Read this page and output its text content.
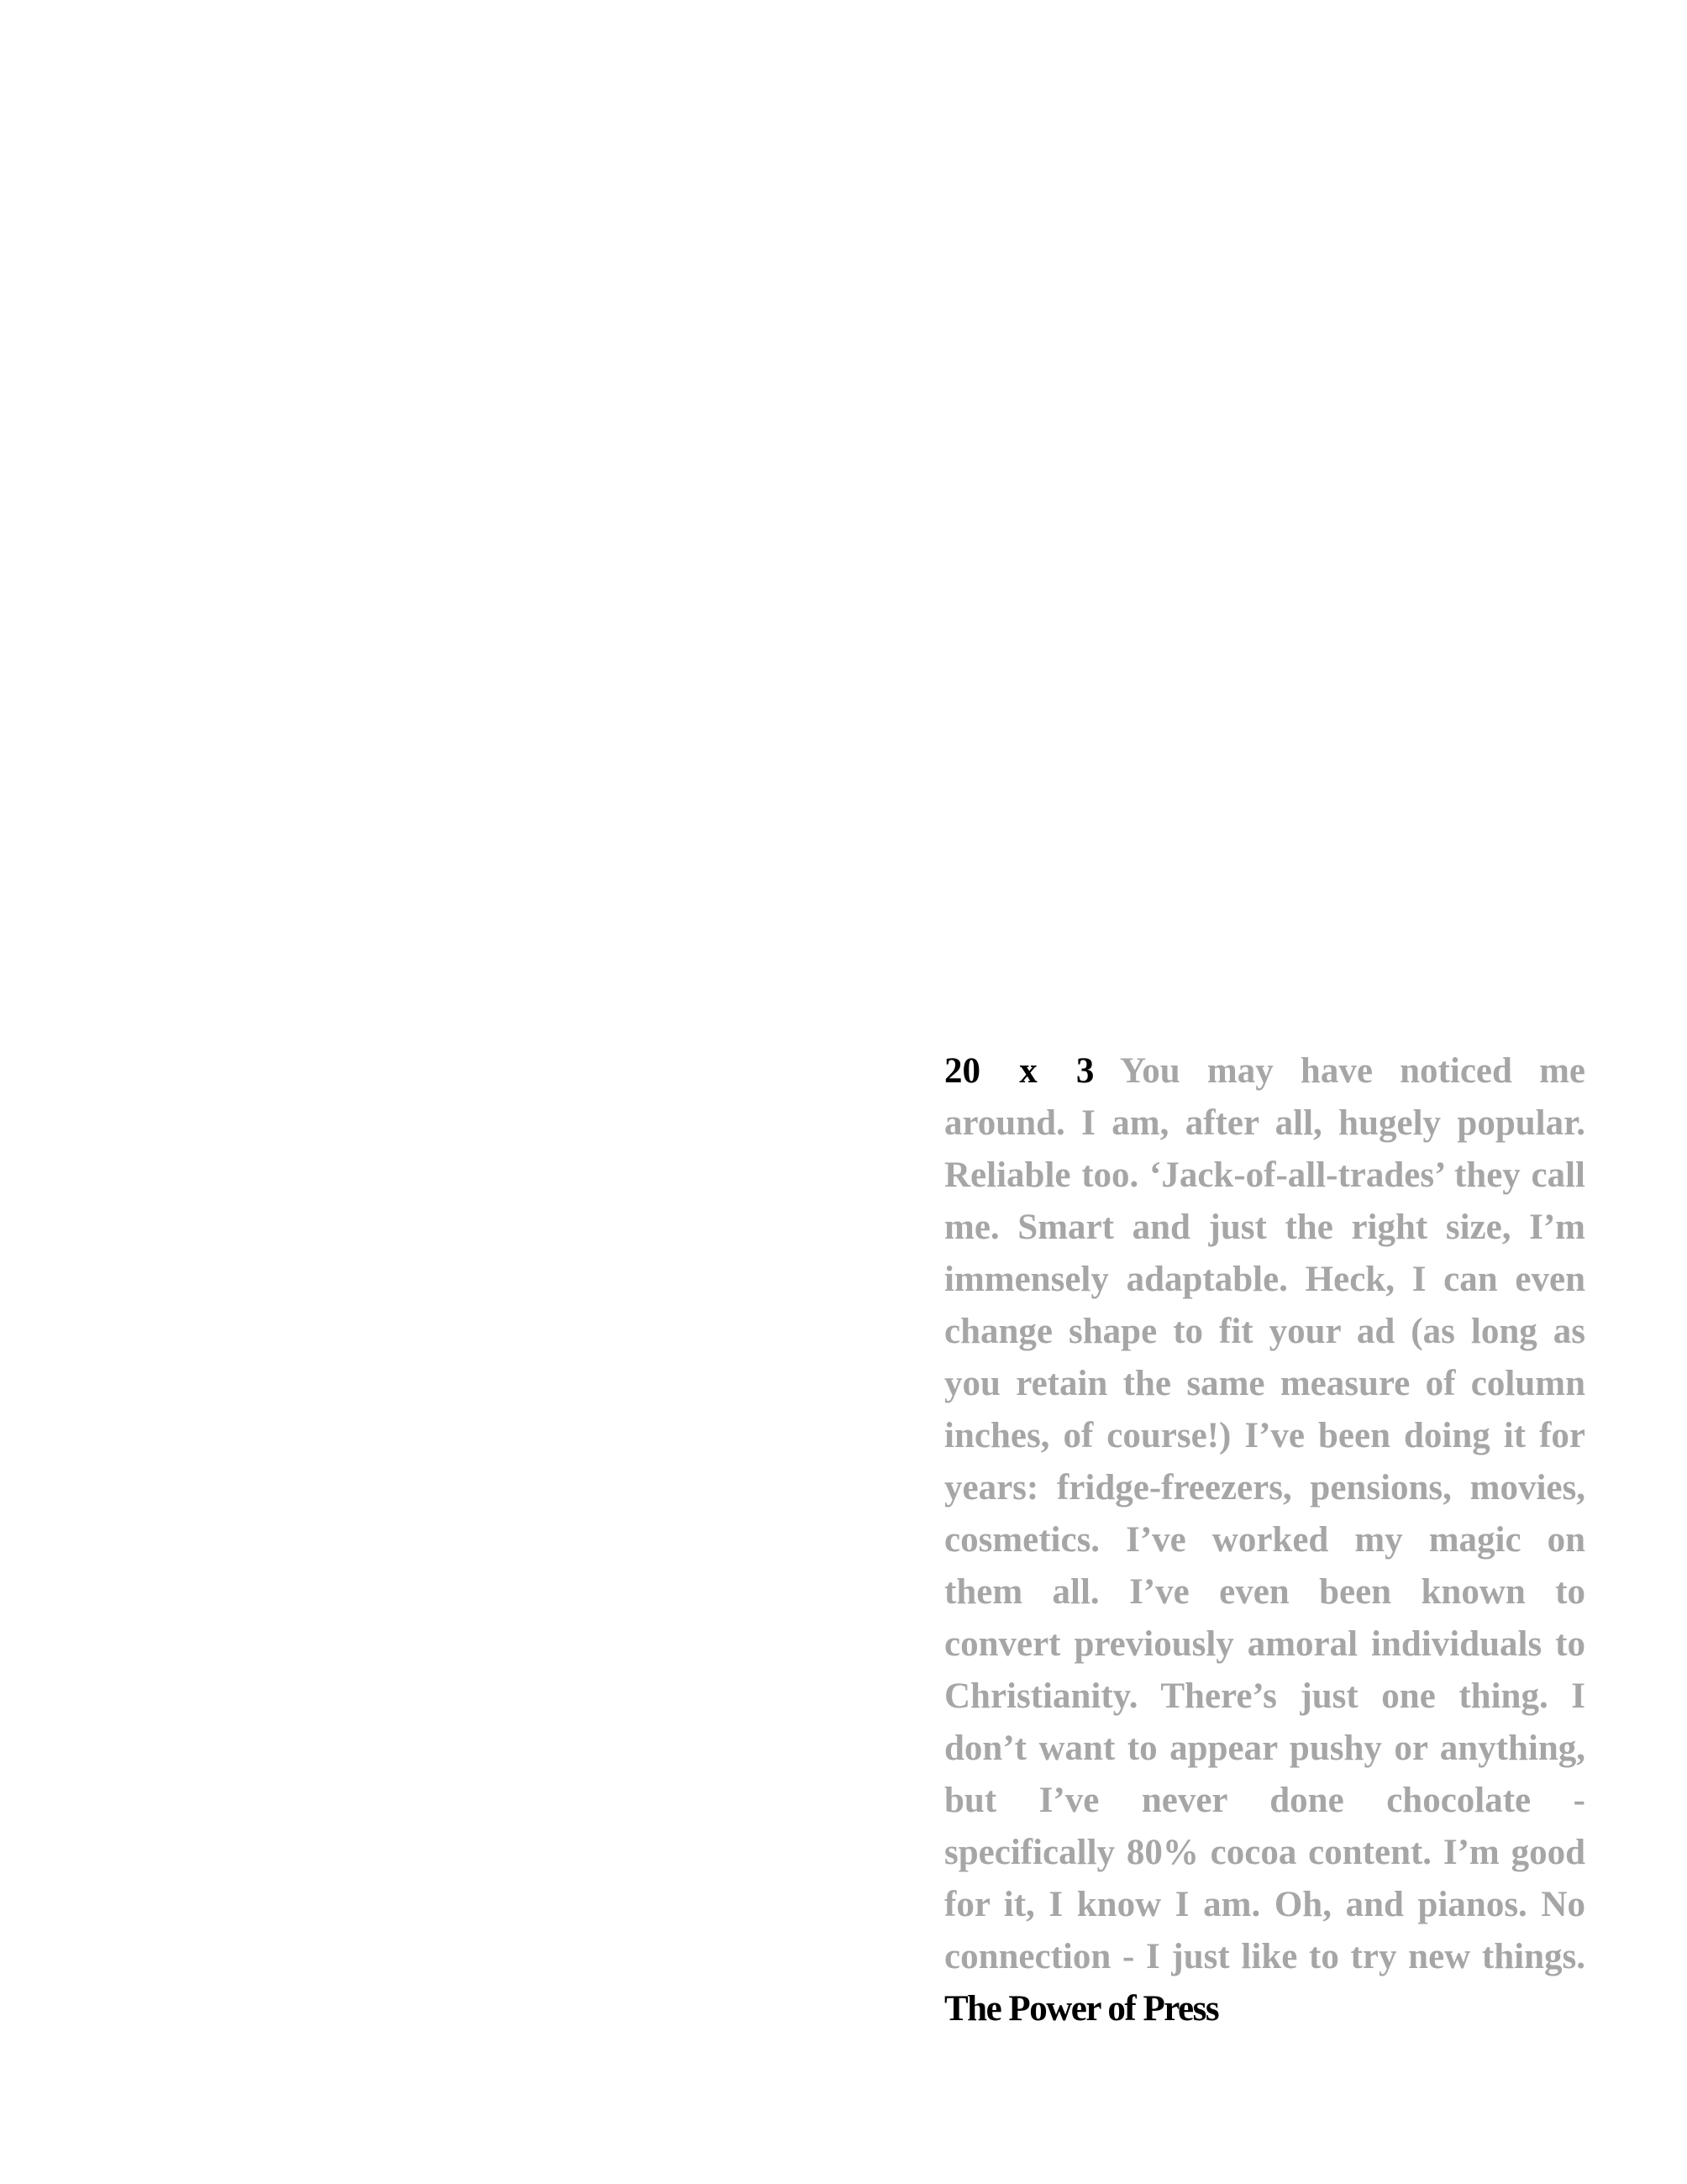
20 x 3 You may have noticed me around. I am, after all, hugely popular. Reliable too. ‘Jack-of-all-trades’ they call me. Smart and just the right size, I’m immensely adaptable. Heck, I can even change shape to fit your ad (as long as you retain the same measure of column inches, of course!) I’ve been doing it for years: fridge-freezers, pensions, movies, cosmetics. I’ve worked my magic on them all. I’ve even been known to convert previously amoral individuals to Christianity. There’s just one thing. I don’t want to appear pushy or anything, but I’ve never done chocolate - specifically 80% cocoa content. I’m good for it, I know I am. Oh, and pianos. No connection - I just like to try new things. The Power of Press
